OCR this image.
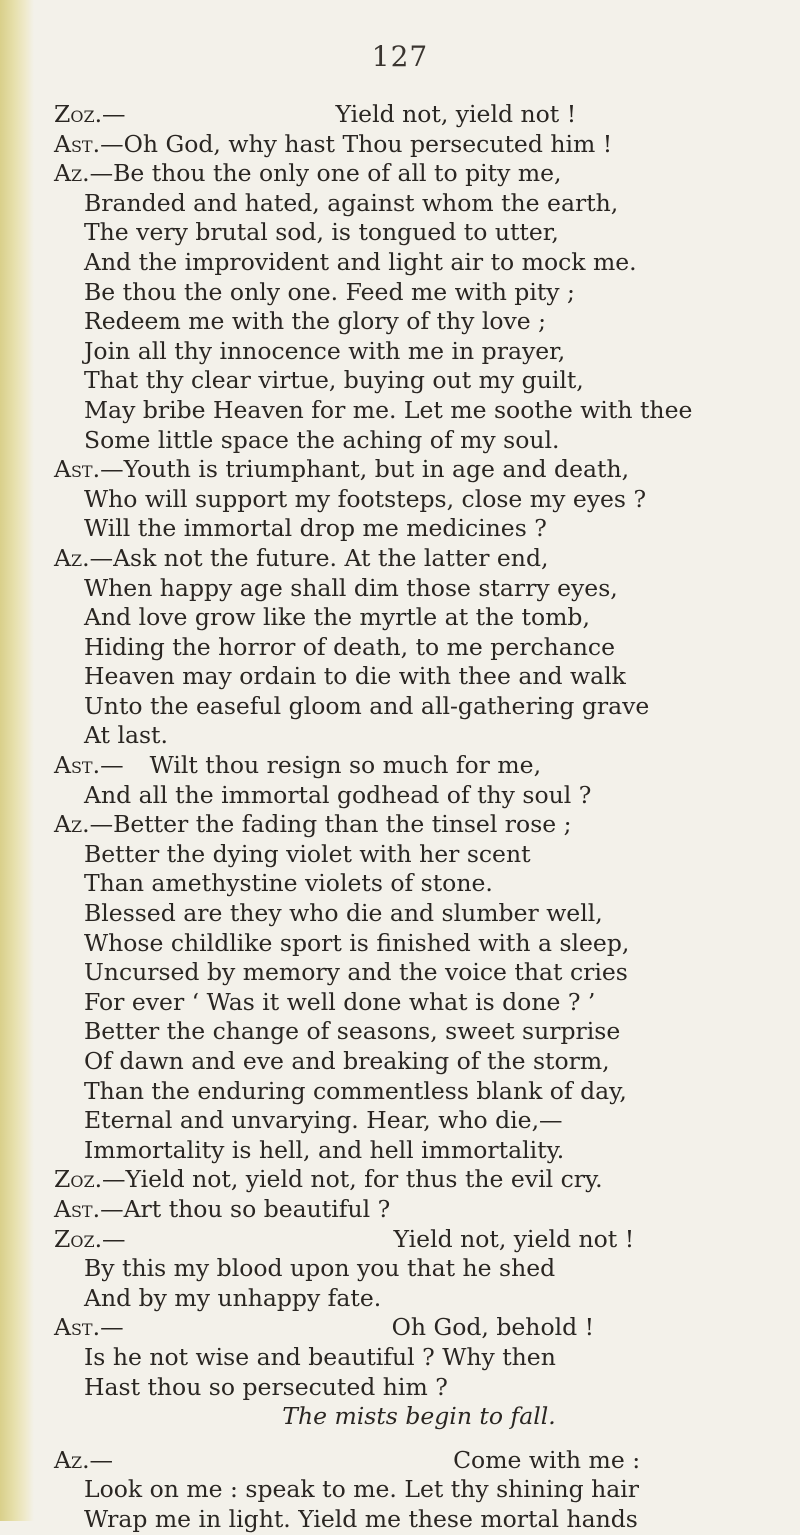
127
Zoz.—	Yield not, yield not !
Ast.—Oh God, why hast Thou persecuted him !
Az.—Be thou the only one of all to pity me,
Branded and hated, against whom the earth,
The very brutal sod, is tongued to utter,
And the improvident and light air to mock me.
Be thou the only one. Feed me with pity ;
Redeem me with the glory of thy love ;
Join all thy innocence with me in prayer,
That thy clear virtue, buying out my guilt,
May bribe Heaven for me. Let me soothe with thee
Some little space the aching of my soul.
Ast.—Youth is triumphant, but in age and death,
Who will support my footsteps, close my eyes ?
Will the immortal drop me medicines ?
Az.—Ask not the future. At the latter end,
When happy age shall dim those starry eyes,
And love grow like the myrtle at the tomb,
Hiding the horror of death, to me perchance
Heaven may ordain to die with thee and walk
Unto the easeful gloom and all-gathering grave
At last.
Ast.— Wilt thou resign so much for me,
And all the immortal godhead of thy soul ?
Az.—Better the fading than the tinsel rose ;
Better the dying violet with her scent
Than amethystine violets of stone.
Blessed are they who die and slumber well,
Whose childlike sport is finished with a sleep,
Uncursed by memory and the voice that cries
For ever ‘ Was it well done what is done ? ’
Better the change of seasons, sweet surprise
Of dawn and eve and breaking of the storm,
Than the enduring commentless blank of day,
Eternal and unvarying. Hear, who die,—
Immortality is hell, and hell immortality.
Zoz.—Yield not, yield not, for thus the evil cry.
Ast.—Art thou so beautiful ?
Zoz.—	Yield not, yield not !
By this my blood upon you that he shed
And by my unhappy fate.
Ast.—	Oh God, behold !
Is he not wise and beautiful ? Why then
Hast thou so persecuted him ?
The mists begin to fall.
Az.—	Come with me :
Look on me : speak to me. Let thy shining hair
Wrap me in light. Yield me these mortal hands
